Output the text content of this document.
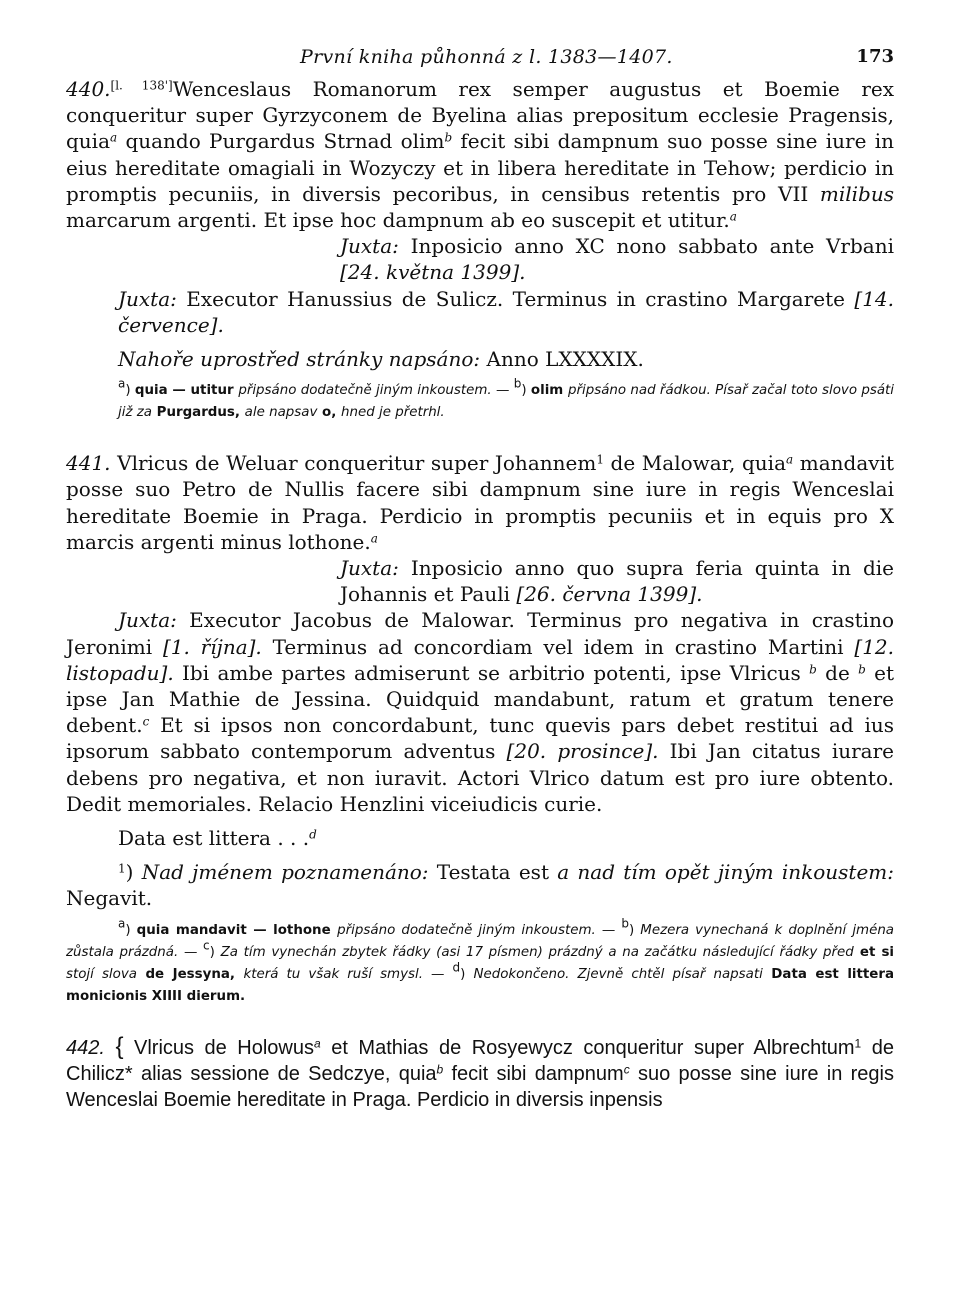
První kniha půhonná z l. 1383—1407.	173

440.[l. 138']Wenceslaus Romanorum rex semper augustus et Boemie rex conqueritur super Gyrzyconem de Byelina alias prepositum ecclesie Pragensis, quia$^a$ quando Purgardus Strnad olim$^b$ fecit sibi dampnum suo posse sine iure in eius hereditate omagiali in Wozyczy et in libera hereditate in Tehow; perdicio in promptis pecuniis, in diversis pecoribus, in censibus retentis pro VII milibus marcarum argenti. Et ipse hoc dampnum ab eo suscepit et utitur.$^a$

Juxta: Inposicio anno XC nono sabbato ante Vrbani [24. května 1399].

Juxta: Executor Hanussius de Sulicz. Terminus in crastino Margarete [14. července].

Nahoře uprostřed stránky napsáno: Anno LXXXXIX.

$^a$) quia — utitur připsáno dodatečně jiným inkoustem. — $^b$) olim připsáno nad řádkou. Písař začal toto slovo psáti již za Purgardus, ale napsav o, hned je přetrhl.

441. Vlricus de Weluar conqueritur super Johannem$^1$ de Malowar, quia$^a$ mandavit posse suo Petro de Nullis facere sibi dampnum sine iure in regis Wenceslai hereditate Boemie in Praga. Perdicio in promptis pecuniis et in equis pro X marcis argenti minus lothone.$^a$

Juxta: Inposicio anno quo supra feria quinta in die Johannis et Pauli [26. června 1399].

Juxta: Executor Jacobus de Malowar. Terminus pro negativa in crastino Jeronimi [1. října]. Terminus ad concordiam vel idem in crastino Martini [12. listopadu]. Ibi ambe partes admiserunt se arbitrio potenti, ipse Vlricus $^b$ de $^b$ et ipse Jan Mathie de Jessina. Quidquid mandabunt, ratum et gratum tenere debent.$^c$ Et si ipsos non concordabunt, tunc quevis pars debet restitui ad ius ipsorum sabbato contemporum adventus [20. prosince]. Ibi Jan citatus iurare debens pro negativa, et non iuravit. Actori Vlrico datum est pro iure obtento. Dedit memoriales. Relacio Henzlini viceiudicis curie.

Data est littera . . .$^d$

$^1$) Nad jménem poznamenáno: Testata est a nad tím opět jiným inkoustem: Negavit.

$^a$) quia mandavit — lothone připsáno dodatečně jiným inkoustem. — $^b$) Mezera vynechaná k doplnění jména zůstala prázdná. — $^c$) Za tím vynechán zbytek řádky (asi 17 písmen) prázdný a na začátku následující řádky před et si stojí slova de Jessyna, která tu však ruší smysl. — $^d$) Nedokončeno. Zjevně chtěl písař napsati Data est littera monicionis XIIII dierum.

442. { Vlricus de Holowus$^a$ et Mathias de Rosyewycz conqueritur super Albrechtum$^1$ de Chilicz* alias sessione de Sedczye, quia$^b$ fecit sibi dampnum$^c$ suo posse sine iure in regis Wenceslai Boemie hereditate in Praga. Perdicio in diversis inpensis
